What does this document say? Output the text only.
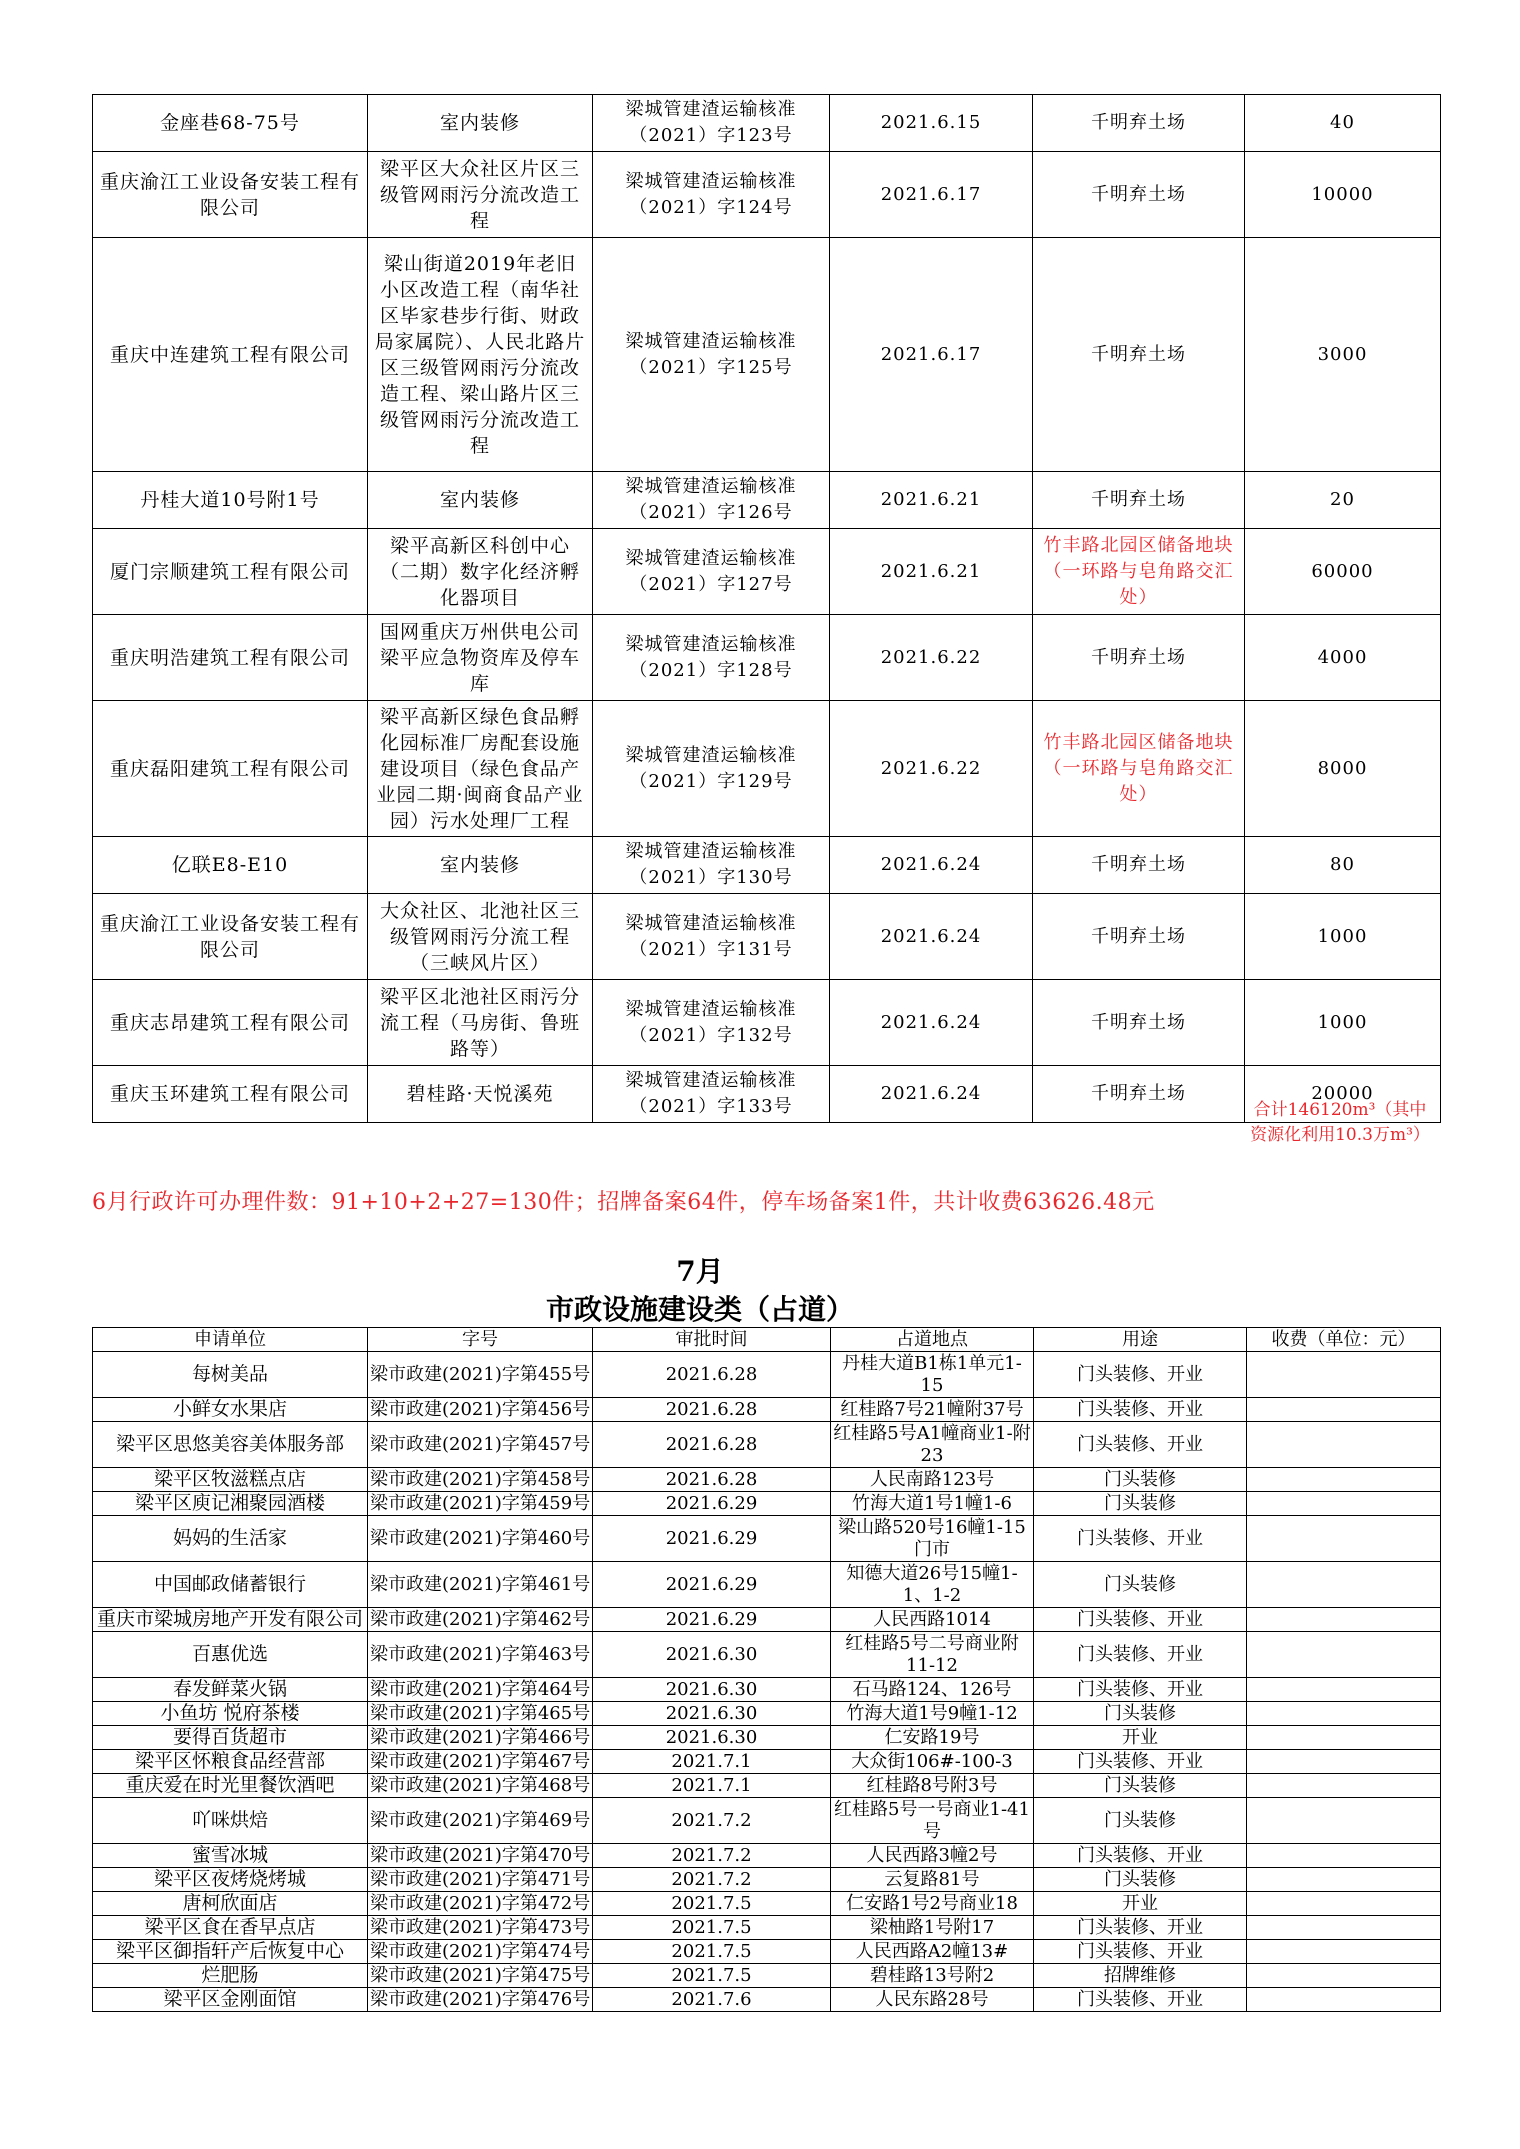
金座巷68-75号	室内装修	梁城管建渣运输核准（2021）字123号	2021.6.15	千明弃土场	40
重庆渝江工业设备安装工程有限公司	梁平区大众社区片区三级管网雨污分流改造工程	梁城管建渣运输核准（2021）字124号	2021.6.17	千明弃土场	10000
重庆中连建筑工程有限公司	梁山街道2019年老旧小区改造工程（南华社区毕家巷步行街、财政局家属院）、人民北路片区三级管网雨污分流改造工程、梁山路片区三级管网雨污分流改造工程	梁城管建渣运输核准（2021）字125号	2021.6.17	千明弃土场	3000
丹桂大道10号附1号	室内装修	梁城管建渣运输核准（2021）字126号	2021.6.21	千明弃土场	20
厦门宗顺建筑工程有限公司	梁平高新区科创中心（二期）数字化经济孵化器项目	梁城管建渣运输核准（2021）字127号	2021.6.21	竹丰路北园区储备地块（一环路与皂角路交汇处）	60000
重庆明浩建筑工程有限公司	国网重庆万州供电公司梁平应急物资库及停车库	梁城管建渣运输核准（2021）字128号	2021.6.22	千明弃土场	4000
重庆磊阳建筑工程有限公司	梁平高新区绿色食品孵化园标准厂房配套设施建设项目（绿色食品产业园二期·闽商食品产业园）污水处理厂工程	梁城管建渣运输核准（2021）字129号	2021.6.22	竹丰路北园区储备地块（一环路与皂角路交汇处）	8000
亿联E8-E10	室内装修	梁城管建渣运输核准（2021）字130号	2021.6.24	千明弃土场	80
重庆渝江工业设备安装工程有限公司	大众社区、北池社区三级管网雨污分流工程（三峡风片区）	梁城管建渣运输核准（2021）字131号	2021.6.24	千明弃土场	1000
重庆志昂建筑工程有限公司	梁平区北池社区雨污分流工程（马房街、鲁班路等）	梁城管建渣运输核准（2021）字132号	2021.6.24	千明弃土场	1000
重庆玉环建筑工程有限公司	碧桂路·天悦溪苑	梁城管建渣运输核准（2021）字133号	2021.6.24	千明弃土场	20000
合计146120m³（其中资源化利用10.3万m³）
6月行政许可办理件数：91+10+2+27=130件；招牌备案64件，停车场备案1件，共计收费63626.48元
7月
市政设施建设类（占道）
申请单位	字号	审批时间	占道地点	用途	收费（单位：元）
每树美品	梁市政建(2021)字第455号	2021.6.28	丹桂大道B1栋1单元1-15	门头装修、开业	
小鲜女水果店	梁市政建(2021)字第456号	2021.6.28	红桂路7号21幢附37号	门头装修、开业	
梁平区思悠美容美体服务部	梁市政建(2021)字第457号	2021.6.28	红桂路5号A1幢商业1-附23	门头装修、开业	
梁平区牧滋糕点店	梁市政建(2021)字第458号	2021.6.28	人民南路123号	门头装修	
梁平区庾记湘聚园酒楼	梁市政建(2021)字第459号	2021.6.29	竹海大道1号1幢1-6	门头装修	
妈妈的生活家	梁市政建(2021)字第460号	2021.6.29	梁山路520号16幢1-15门市	门头装修、开业	
中国邮政储蓄银行	梁市政建(2021)字第461号	2021.6.29	知德大道26号15幢1-1、1-2	门头装修	
重庆市梁城房地产开发有限公司	梁市政建(2021)字第462号	2021.6.29	人民西路1014	门头装修、开业	
百惠优选	梁市政建(2021)字第463号	2021.6.30	红桂路5号二号商业附11-12	门头装修、开业	
春发鲜菜火锅	梁市政建(2021)字第464号	2021.6.30	石马路124、126号	门头装修、开业	
小鱼坊 悦府茶楼	梁市政建(2021)字第465号	2021.6.30	竹海大道1号9幢1-12	门头装修	
要得百货超市	梁市政建(2021)字第466号	2021.6.30	仁安路19号	开业	
梁平区怀粮食品经营部	梁市政建(2021)字第467号	2021.7.1	大众街106#-100-3	门头装修、开业	
重庆爱在时光里餐饮酒吧	梁市政建(2021)字第468号	2021.7.1	红桂路8号附3号	门头装修	
吖咪烘焙	梁市政建(2021)字第469号	2021.7.2	红桂路5号一号商业1-41号	门头装修	
蜜雪冰城	梁市政建(2021)字第470号	2021.7.2	人民西路3幢2号	门头装修、开业	
梁平区夜烤烧烤城	梁市政建(2021)字第471号	2021.7.2	云复路81号	门头装修	
唐柯欣面店	梁市政建(2021)字第472号	2021.7.5	仁安路1号2号商业18	开业	
梁平区食在香早点店	梁市政建(2021)字第473号	2021.7.5	梁柚路1号附17	门头装修、开业	
梁平区御指轩产后恢复中心	梁市政建(2021)字第474号	2021.7.5	人民西路A2幢13#	门头装修、开业	
烂肥肠	梁市政建(2021)字第475号	2021.7.5	碧桂路13号附2	招牌维修	
梁平区金刚面馆	梁市政建(2021)字第476号	2021.7.6	人民东路28号	门头装修、开业	
